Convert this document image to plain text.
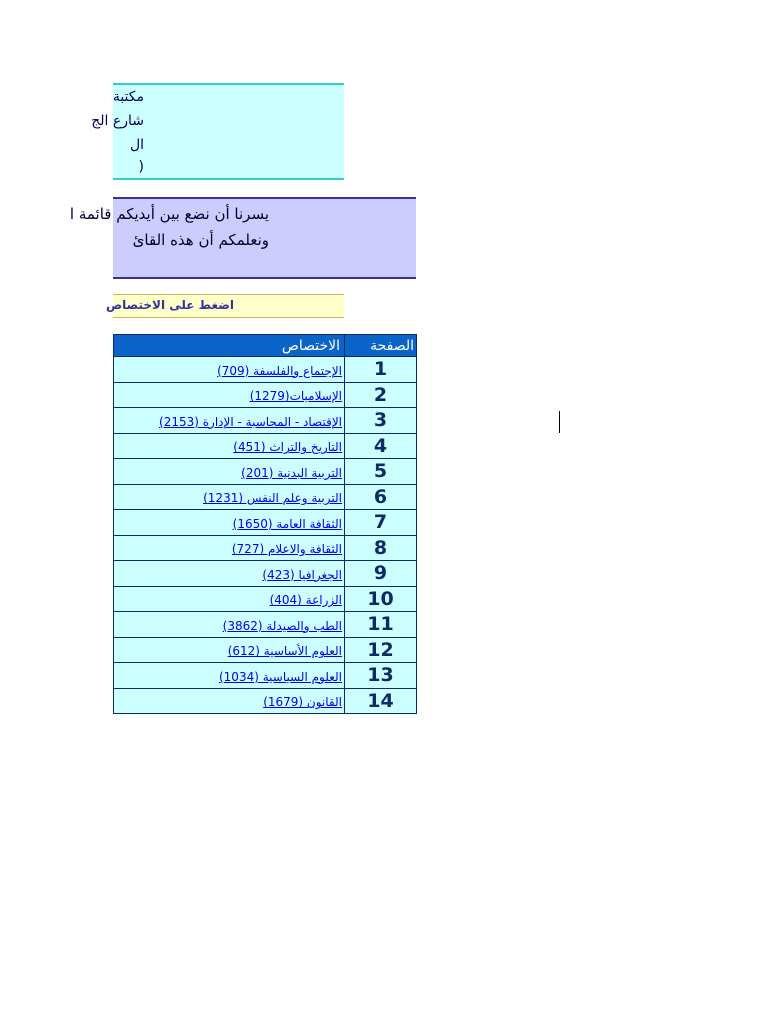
مكتبة
شارع الج
ال
(
يسرنا أن نضع بين أيديكم قائمة ا
ونعلمكم أن هذه القائ
اضغط على الاختصاص
الاختصاص	الصفحة
الإجتماع والفلسفة (709)	1
الإسلاميات(1279)	2
الإقتصاد - المحاسبة - الإدارة (2153)	3
التاريخ والتراث (451)	4
التربية البدنية (201)	5
التربية وعلم النفس (1231)	6
الثقافة العامة (1650)	7
الثقافة والاعلام (727)	8
الجغرافيا (423)	9
الزراعة (404)	10
الطب والصيدلة (3862)	11
العلوم الأساسية (612)	12
العلوم السياسية (1034)	13
القانون (1679)	14
